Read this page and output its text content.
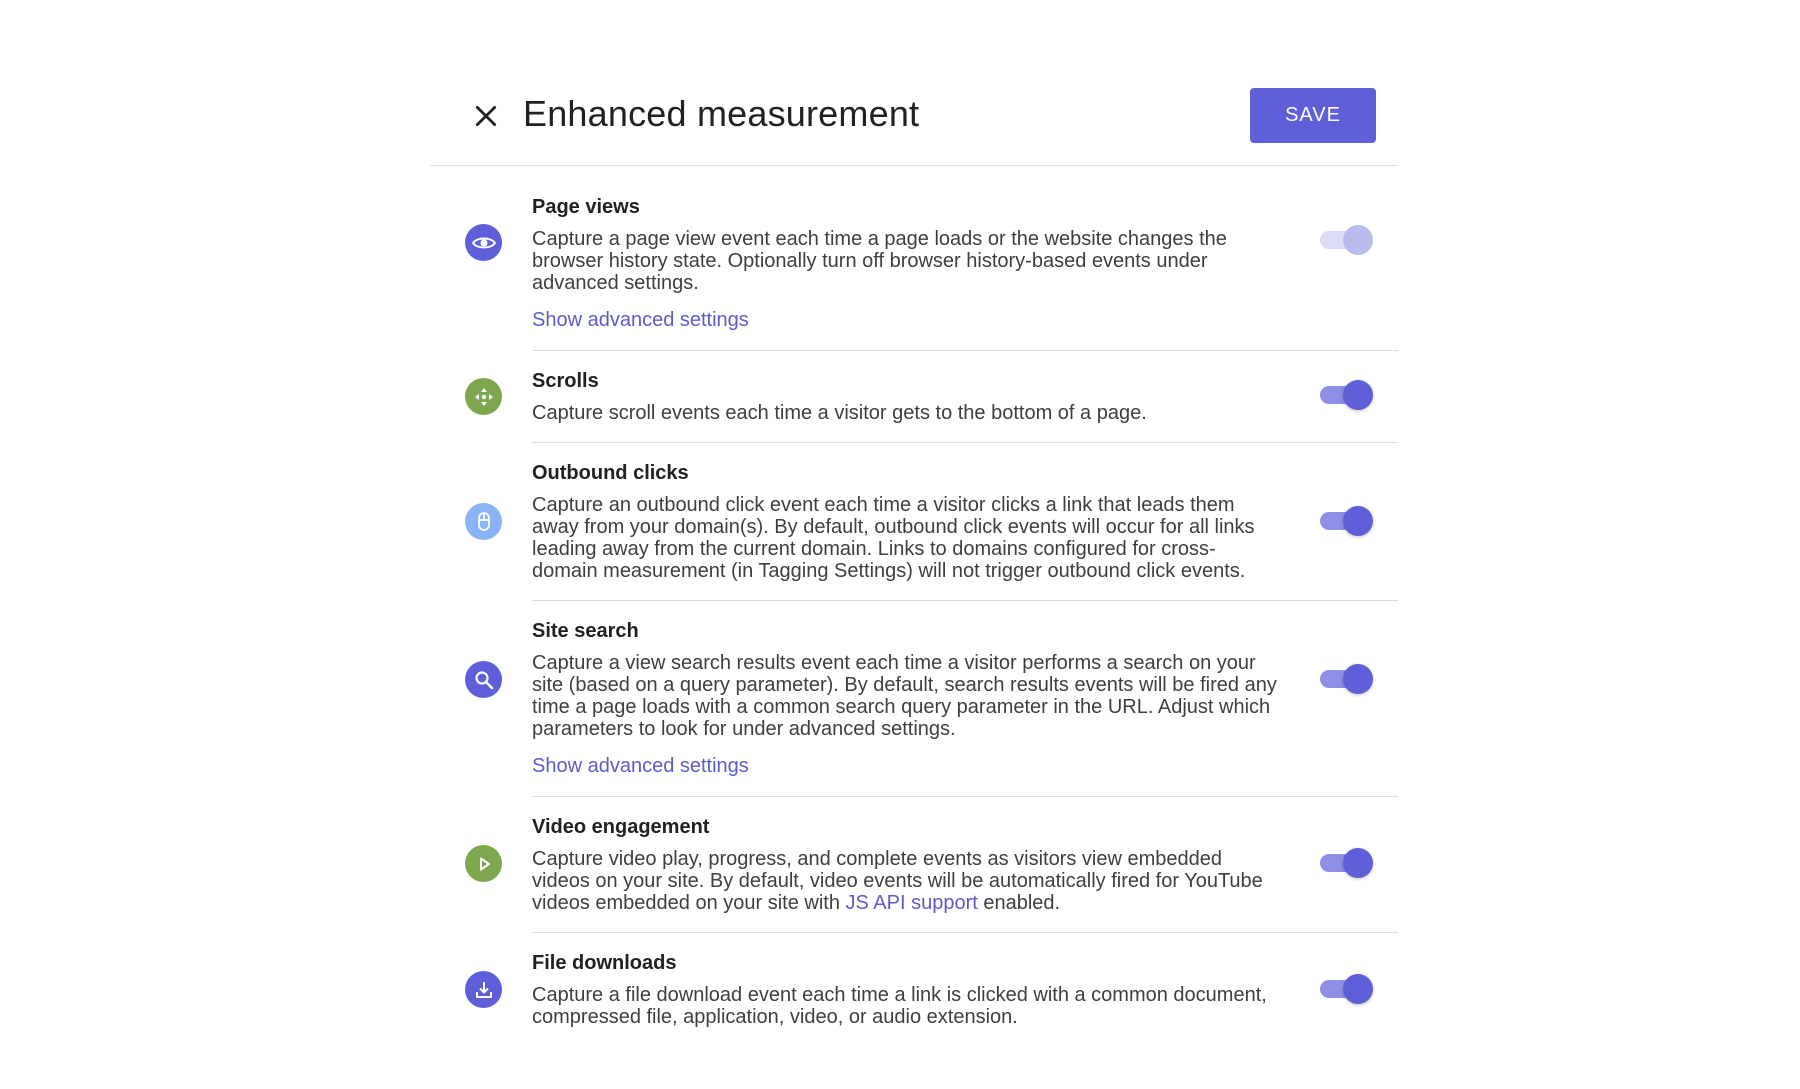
Enhanced measurement	SAVE

Page views

Capture a page view event each time a page loads or the website changes the browser history state. Optionally turn off browser history-based events under advanced settings.

Show advanced settings

Scrolls

Capture scroll events each time a visitor gets to the bottom of a page.

Outbound clicks

Capture an outbound click event each time a visitor clicks a link that leads them away from your domain(s). By default, outbound click events will occur for all links leading away from the current domain. Links to domains configured for cross-domain measurement (in Tagging Settings) will not trigger outbound click events.

Site search

Capture a view search results event each time a visitor performs a search on your site (based on a query parameter). By default, search results events will be fired any time a page loads with a common search query parameter in the URL. Adjust which parameters to look for under advanced settings.

Show advanced settings

Video engagement

Capture video play, progress, and complete events as visitors view embedded videos on your site. By default, video events will be automatically fired for YouTube videos embedded on your site with JS API support enabled.

File downloads

Capture a file download event each time a link is clicked with a common document, compressed file, application, video, or audio extension.
